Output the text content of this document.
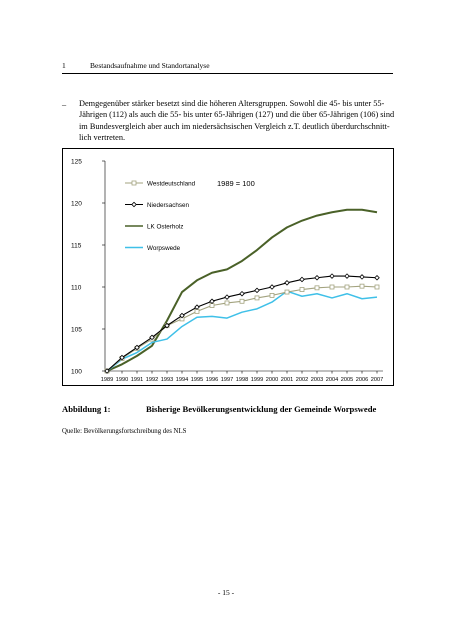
1	Bestandsaufnahme und Standortanalyse
– Demgegenüber stärker besetzt sind die höheren Altersgruppen. Sowohl die 45- bis unter 55-
Jährigen (112) als auch die 55- bis unter 65-Jährigen (127) und die über 65-Jährigen (106) sind
im Bundesvergleich aber auch im niedersächsischen Vergleich z.T. deutlich überdurchschnitt-
lich vertreten.
100
105
110
115
120
125
1989 1990 1991 1992 1993 1994 1995 1996 1997 1998 1999 2000 2001 2002 2003 2004 2005 2006 2007
Westdeutschland
Niedersachsen
LK Osterholz
Worpswede
1989 = 100
Abbildung 1:	Bisherige Bevölkerungsentwicklung der Gemeinde Worpswede
Quelle: Bevölkerungsfortschreibung des NLS
- 15 -
